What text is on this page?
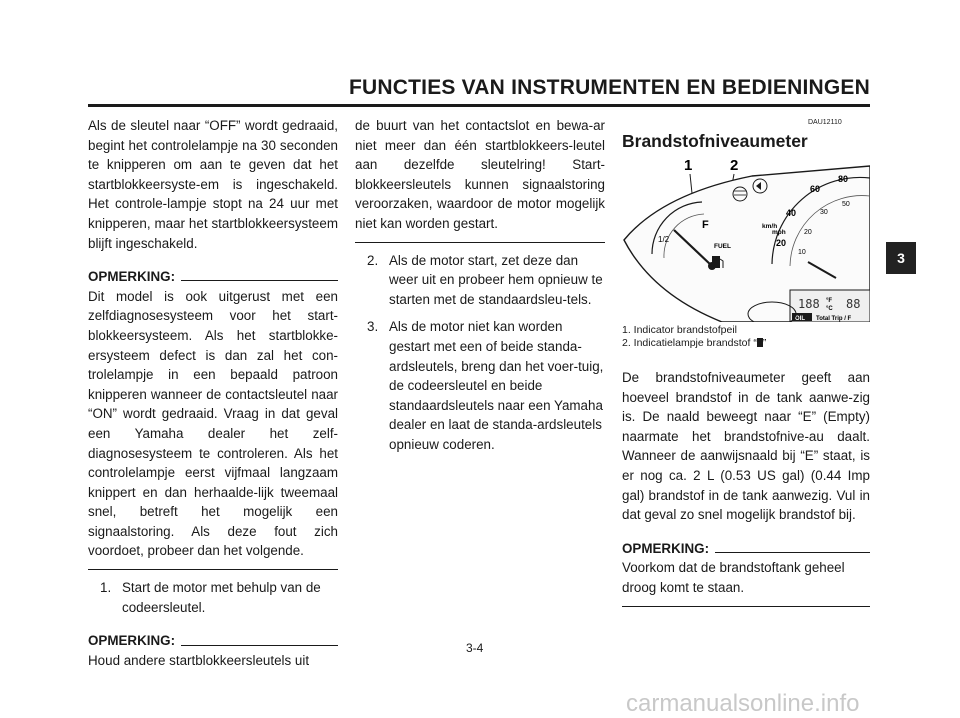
FUNCTIES VAN INSTRUMENTEN EN BEDIENINGEN
3

Als de sleutel naar “OFF” wordt gedraaid, begint het controlelampje na 30 seconden te knipperen om aan te geven dat het startblokkeersyste-em is ingeschakeld. Het controle-lampje stopt na 24 uur met knipperen, maar het startblokkeersysteem blijft ingeschakeld.

OPMERKING:

Dit model is ook uitgerust met een zelfdiagnosesysteem voor het start-blokkeersysteem. Als het startblokke-ersysteem defect is dan zal het con-trolelampje in een bepaald patroon knipperen wanneer de contactsleutel naar “ON” wordt gedraaid. Vraag in dat geval een Yamaha dealer het zelf-diagnosesysteem te controleren. Als het controlelampje eerst vijfmaal langzaam knippert en dan herhaalde-lijk tweemaal snel, betreft het mogelijk een signaalstoring. Als deze fout zich voordoet, probeer dan het volgende.

1. Start de motor met behulp van de codeersleutel.
OPMERKING:

Houd andere startblokkeersleutels uit

de buurt van het contactslot en bewa-ar niet meer dan één startblokkeers-leutel aan dezelfde sleutelring! Start-blokkeersleutels kunnen signaalstoring veroorzaken, waardoor de motor mogelijk niet kan worden gestart.

2. Als de motor start, zet deze dan weer uit en probeer hem opnieuw te starten met de standaardsleu-tels.
3. Als de motor niet kan worden gestart met een of beide standa-ardsleutels, breng dan het voer-tuig, de codeersleutel en beide standaardsleutels naar een Yamaha dealer en laat de standa-ardsleutels opnieuw coderen.
DAU12110
Brandstofniveaumeter
1	2
F
1/2
FUEL	20
40
60
80
10
20
30
50
km/h
mph
188 °F
°C 88
OIL Total Trip / F
1. Indicator brandstofpeil
2. Indicatielampje brandstof “ ”

De brandstofniveaumeter geeft aan hoeveel brandstof in de tank aanwe-zig is. De naald beweegt naar “E” (Empty) naarmate het brandstofnive-au daalt. Wanneer de aanwijsnaald bij “E” staat, is er nog ca. 2 L (0.53 US gal) (0.44 Imp gal) brandstof in de tank aanwezig. Vul in dat geval zo snel mogelijk brandstof bij.

OPMERKING:

Voorkom dat de brandstoftank geheel droog komt te staan.

3-4
carmanualsonline.info
